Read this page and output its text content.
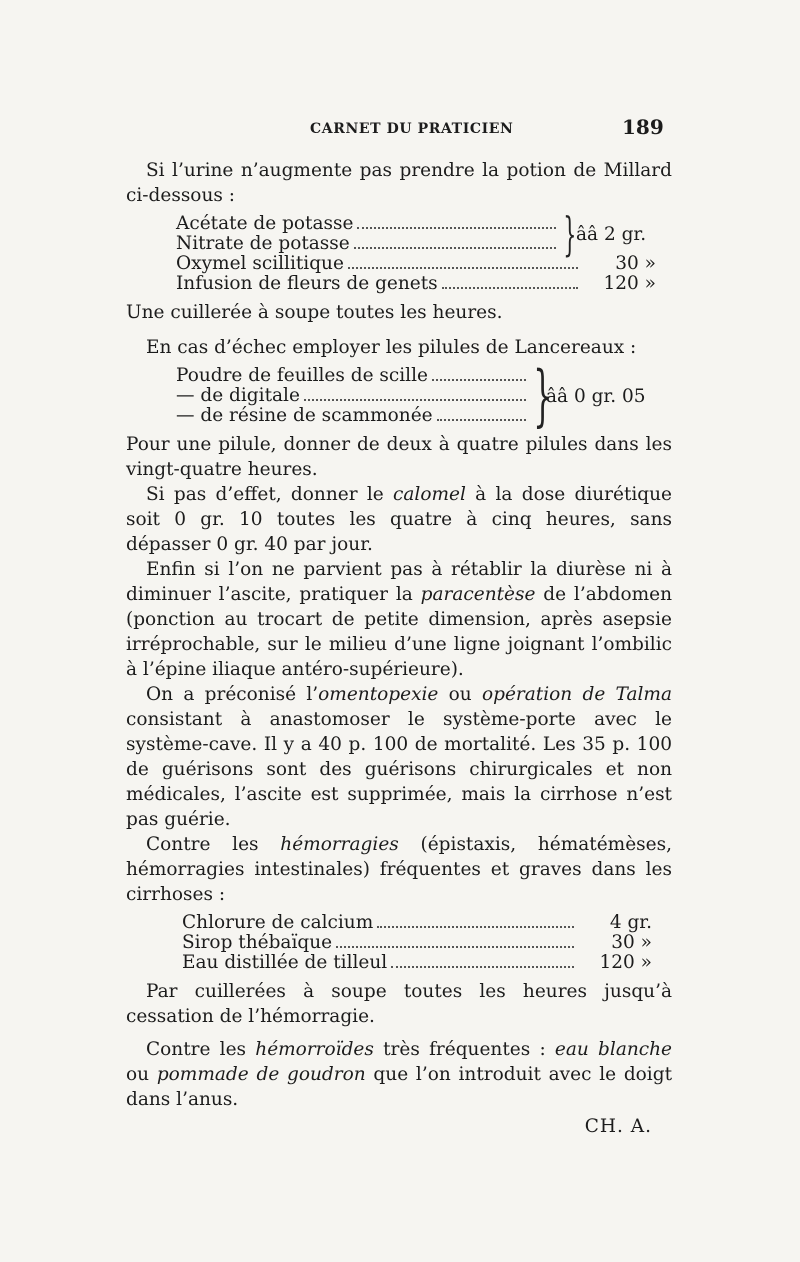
CARNET DU PRATICIEN	189

Si l’urine n’augmente pas prendre la potion de Millard ci-dessous :

Acétate de potasse
Nitrate de potasse	} ââ 2 gr.
Oxymel scillitique	30 »
Infusion de fleurs de genets	120 »

Une cuillerée à soupe toutes les heures.

En cas d’échec employer les pilules de Lancereaux :

Poudre de feuilles de scille
— de digitale
— de résine de scammonée }
ââ 0 gr. 05

Pour une pilule, donner de deux à quatre pilules dans les vingt-quatre heures.

Si pas d’effet, donner le calomel à la dose diurétique soit 0 gr. 10 toutes les quatre à cinq heures, sans dépasser 0 gr. 40 par jour.

Enfin si l’on ne parvient pas à rétablir la diurèse ni à diminuer l’ascite, pratiquer la paracentèse de l’abdomen (ponction au trocart de petite dimension, après asepsie irréprochable, sur le milieu d’une ligne joignant l’ombilic à l’épine iliaque antéro-supérieure).

On a préconisé l’omentopexie ou opération de Talma consistant à anastomoser le système-porte avec le système-cave. Il y a 40 p. 100 de mortalité. Les 35 p. 100 de guérisons sont des guérisons chirurgicales et non médicales, l’ascite est supprimée, mais la cirrhose n’est pas guérie.

Contre les hémorragies (épistaxis, hématémèses, hémorragies intestinales) fréquentes et graves dans les cirrhoses :

Chlorure de calcium	4 gr.
Sirop thébaïque	30 »
Eau distillée de tilleul	120 »

Par cuillerées à soupe toutes les heures jusqu’à cessation de l’hémorragie.

Contre les hémorroïdes très fréquentes : eau blanche ou pommade de goudron que l’on introduit avec le doigt dans l’anus.

CH. A.
